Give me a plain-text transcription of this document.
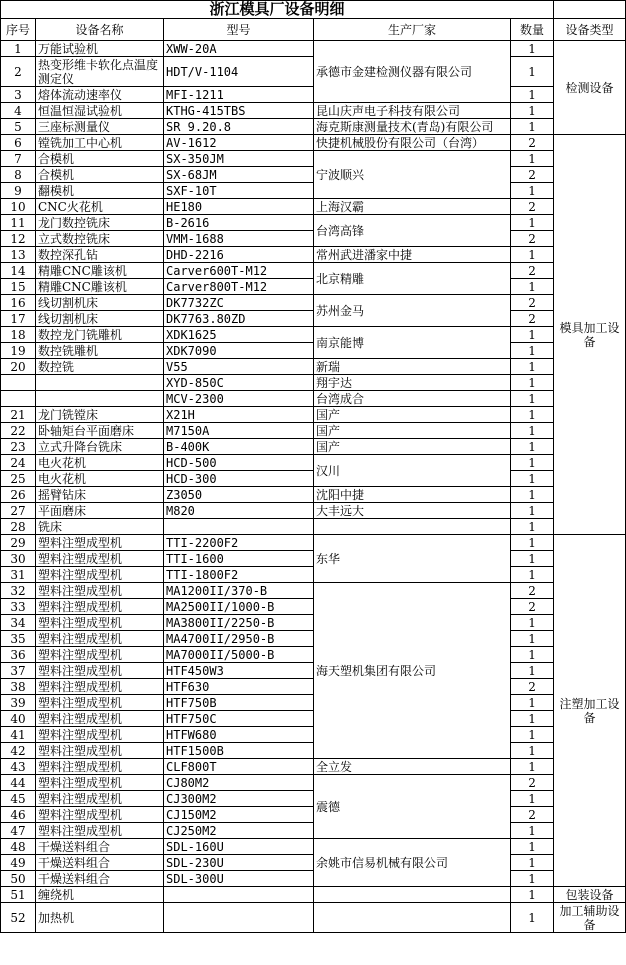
浙江模具厂设备明细					
序号	设备名称	型号	生产厂家	数量	设备类型
1	万能试验机	XWW-20A	承德市金建检测仪器有限公司	1	检测设备
2	热变形维卡软化点温度测定仪	HDT/V-1104		1	
3	熔体流动速率仪	MFI-1211		1	
4	恒温恒湿试验机	KTHG-415TBS	昆山庆声电子科技有限公司	1	
5	三座标测量仪	SR 9.20.8	海克斯康测量技术(青岛)有限公司	1	
6	镗铣加工中心机	AV-1612	快捷机械股份有限公司（台湾）	2	模具加工设备
7	合模机	SX-350JM	宁波顺兴	1	
8	合模机	SX-68JM		2	
9	翻模机	SXF-10T		1	
10	CNC火花机	HE180	上海汉霸	2	
11	龙门数控铣床	B-2616	台湾高锋	1	
12	立式数控铣床	VMM-1688		2	
13	数控深孔钻	DHD-2216	常州武进潘家中捷	1	
14	精雕CNC雕该机	Carver600T-M12	北京精雕	2	
15	精雕CNC雕该机	Carver800T-M12		1	
16	线切割机床	DK7732ZC	苏州金马	2	
17	线切割机床	DK7763.80ZD		2	
18	数控龙门铣雕机	XDK1625	南京能博	1	
19	数控铣雕机	XDK7090		1	
20	数控铣	V55	新瑞	1	
		XYD-850C	翔宇达	1	
		MCV-2300	台湾成合	1	
21	龙门铣镗床	X21H	国产	1	
22	卧轴矩台平面磨床	M7150A	国产	1	
23	立式升降台铣床	B-400K	国产	1	
24	电火花机	HCD-500	汉川	1	
25	电火花机	HCD-300		1	
26	摇臂钻床	Z3050	沈阳中捷	1	
27	平面磨床	M820	大丰远大	1	
28	铣床			1	
29	塑料注塑成型机	TTI-2200F2	东华	1	注塑加工设备
30	塑料注塑成型机	TTI-1600		1	
31	塑料注塑成型机	TTI-1800F2		1	
32	塑料注塑成型机	MA1200II/370-B	海天塑机集团有限公司	2	
33	塑料注塑成型机	MA2500II/1000-B		2	
34	塑料注塑成型机	MA3800II/2250-B		1	
35	塑料注塑成型机	MA4700II/2950-B		1	
36	塑料注塑成型机	MA7000II/5000-B		1	
37	塑料注塑成型机	HTF450W3		1	
38	塑料注塑成型机	HTF630		2	
39	塑料注塑成型机	HTF750B		1	
40	塑料注塑成型机	HTF750C		1	
41	塑料注塑成型机	HTFW680		1	
42	塑料注塑成型机	HTF1500B		1	
43	塑料注塑成型机	CLF800T	全立发	1	
44	塑料注塑成型机	CJ80M2	震德	2	
45	塑料注塑成型机	CJ300M2		1	
46	塑料注塑成型机	CJ150M2		2	
47	塑料注塑成型机	CJ250M2		1	
48	干燥送料组合	SDL-160U	余姚市信易机械有限公司	1	
49	干燥送料组合	SDL-230U		1	
50	干燥送料组合	SDL-300U		1	
51	缠绕机			1	包装设备
52	加热机			1	加工辅助设备
